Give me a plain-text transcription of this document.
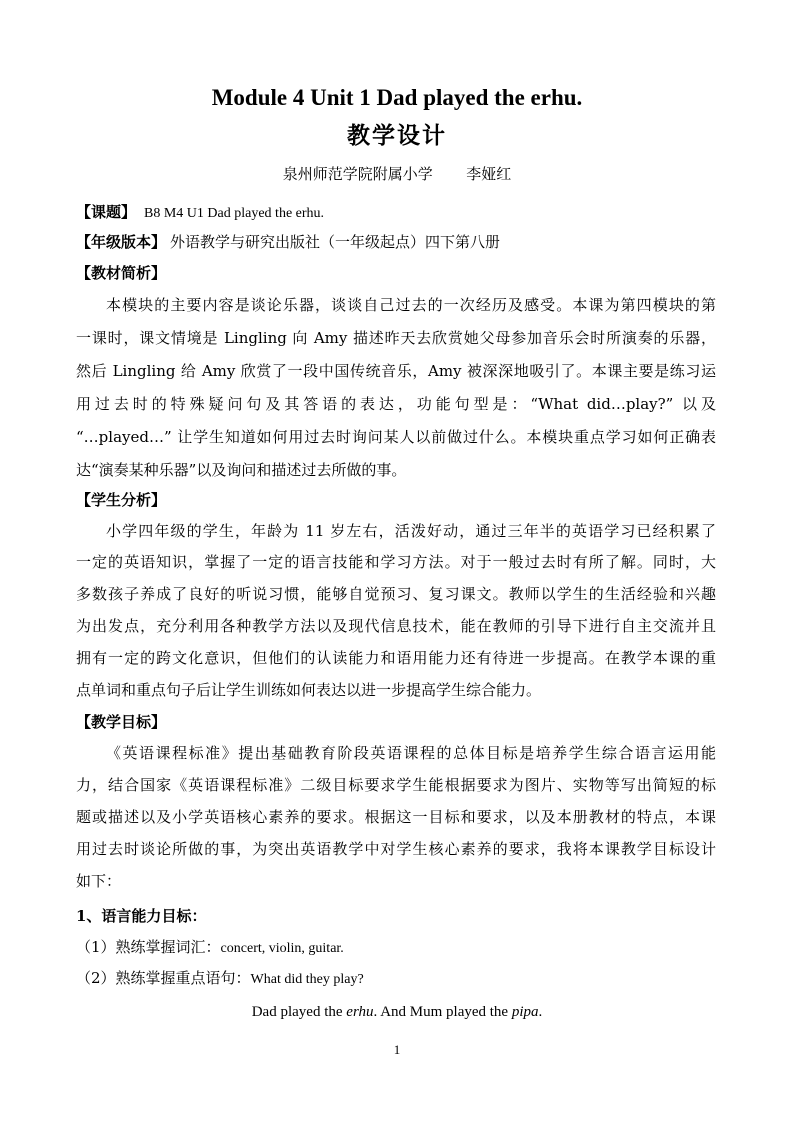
Module 4 Unit 1 Dad played the erhu.
教学设计
泉州师范学院附属小学 李娅红
【课题】 B8 M4 U1 Dad played the erhu.
【年级版本】 外语教学与研究出版社（一年级起点）四下第八册
【教材简析】
本模块的主要内容是谈论乐器，谈谈自己过去的一次经历及感受。本课为第四模块的第
一课时，课文情境是 Lingling 向 Amy 描述昨天去欣赏她父母参加音乐会时所演奏的乐器，
然后 Lingling 给 Amy 欣赏了一段中国传统音乐，Amy 被深深地吸引了。本课主要是练习运
用过去时的特殊疑问句及其答语的表达，功能句型是：“What did…play?” 以及
“…played…” 让学生知道如何用过去时询问某人以前做过什么。本模块重点学习如何正确表
达“演奏某种乐器”以及询问和描述过去所做的事。
【学生分析】
小学四年级的学生，年龄为 11 岁左右，活泼好动，通过三年半的英语学习已经积累了
一定的英语知识，掌握了一定的语言技能和学习方法。对于一般过去时有所了解。同时，大
多数孩子养成了良好的听说习惯，能够自觉预习、复习课文。教师以学生的生活经验和兴趣
为出发点，充分利用各种教学方法以及现代信息技术，能在教师的引导下进行自主交流并且
拥有一定的跨文化意识，但他们的认读能力和语用能力还有待进一步提高。在教学本课的重
点单词和重点句子后让学生训练如何表达以进一步提高学生综合能力。
【教学目标】
《英语课程标准》提出基础教育阶段英语课程的总体目标是培养学生综合语言运用能
力，结合国家《英语课程标准》二级目标要求学生能根据要求为图片、实物等写出简短的标
题或描述以及小学英语核心素养的要求。根据这一目标和要求，以及本册教材的特点，本课
用过去时谈论所做的事，为突出英语教学中对学生核心素养的要求，我将本课教学目标设计
如下：
1、语言能力目标：
（1）熟练掌握词汇：concert, violin, guitar.
（2）熟练掌握重点语句：What did they play?
Dad played the erhu. And Mum played the pipa.
1
